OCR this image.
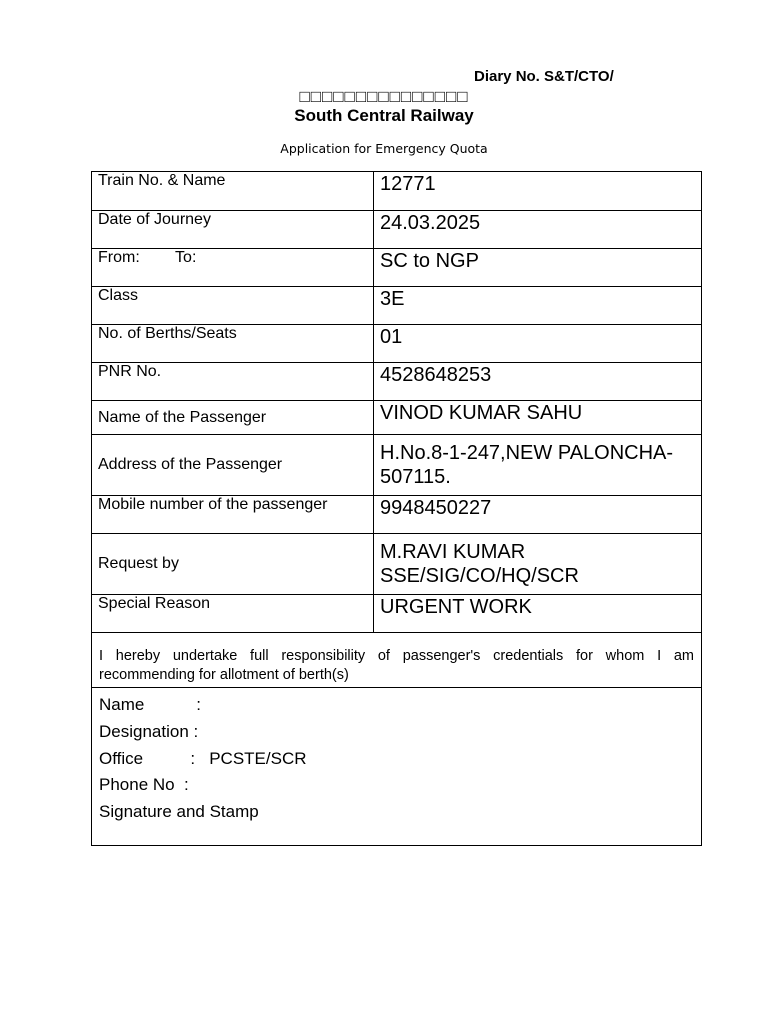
Diary No. S&T/CTO/
□□□□□□□□□□□□□□□
South Central Railway
Application for Emergency Quota
Train No. & Name	12771
Date of Journey	24.03.2025
From:        To:	SC to NGP
Class	3E
No. of Berths/Seats	01
PNR No.	4528648253
Name of the Passenger	VINOD KUMAR SAHU
Address of the Passenger	H.No.8-1-247,NEW PALONCHA-507115.
Mobile number of the passenger	9948450227
Request by	M.RAVI KUMAR SSE/SIG/CO/HQ/SCR
Special Reason	URGENT WORK
I hereby undertake full responsibility of passenger's credentials for whom I am recommending for allotment of berth(s)	

Name           :
Designation :
Office          :   PCSTE/SCR
Phone No  :
Signature and Stamp	
